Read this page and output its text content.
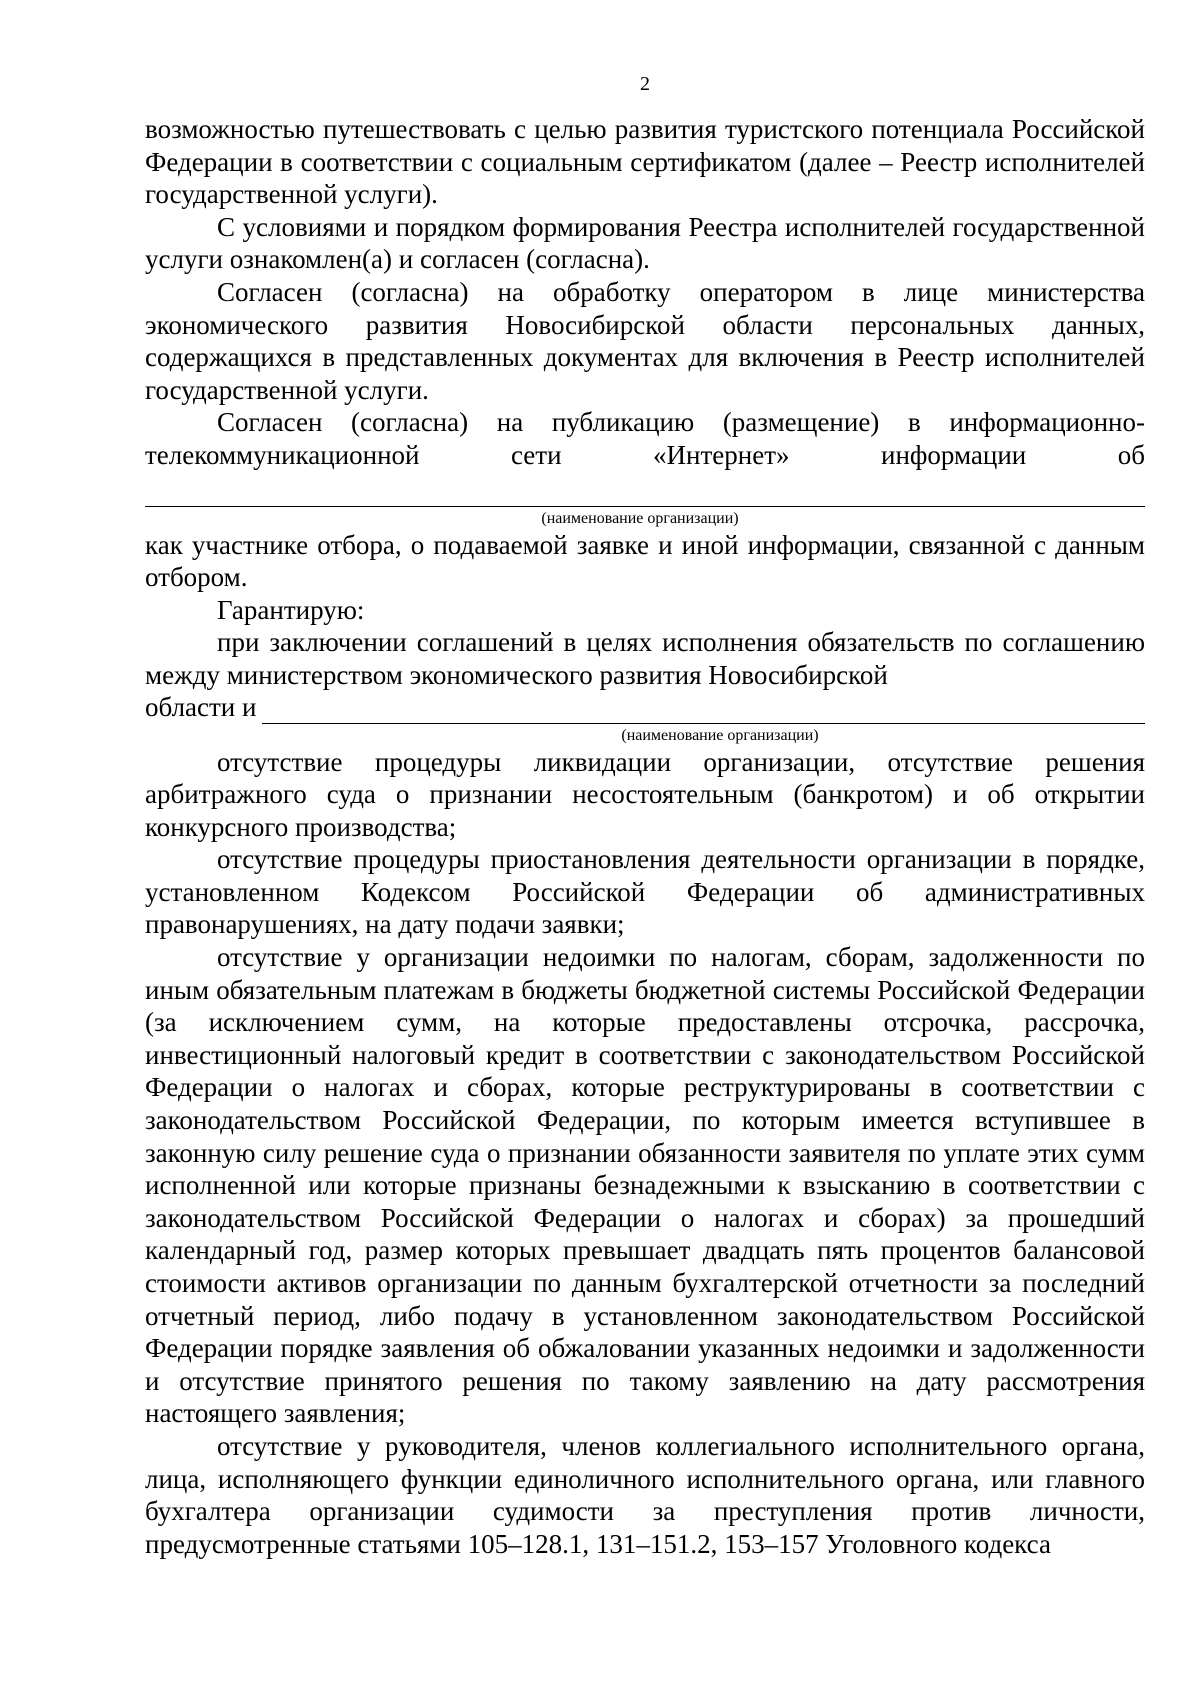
2

возможностью путешествовать с целью развития туристского потенциала Российской Федерации в соответствии с социальным сертификатом (далее – Реестр исполнителей государственной услуги).

С условиями и порядком формирования Реестра исполнителей государственной услуги ознакомлен(а) и согласен (согласна).

Согласен (согласна) на обработку оператором в лице министерства экономического развития Новосибирской области персональных данных, содержащихся в представленных документах для включения в Реестр исполнителей государственной услуги.

Согласен (согласна) на публикацию (размещение) в информационно-

телекоммуникационной сети «Интернет» информации об

(наименование организации)

как участнике отбора, о подаваемой заявке и иной информации, связанной с данным отбором.

Гарантирую:

при заключении соглашений в целях исполнения обязательств по соглашению между министерством экономического развития Новосибирской

области и
(наименование организации)

отсутствие процедуры ликвидации организации, отсутствие решения арбитражного суда о признании несостоятельным (банкротом) и об открытии конкурсного производства;

отсутствие процедуры приостановления деятельности организации в порядке, установленном Кодексом Российской Федерации об административных правонарушениях, на дату подачи заявки;

отсутствие у организации недоимки по налогам, сборам, задолженности по иным обязательным платежам в бюджеты бюджетной системы Российской Федерации (за исключением сумм, на которые предоставлены отсрочка, рассрочка, инвестиционный налоговый кредит в соответствии с законодательством Российской Федерации о налогах и сборах, которые реструктурированы в соответствии с законодательством Российской Федерации, по которым имеется вступившее в законную силу решение суда о признании обязанности заявителя по уплате этих сумм исполненной или которые признаны безнадежными к взысканию в соответствии с законодательством Российской Федерации о налогах и сборах) за прошедший календарный год, размер которых превышает двадцать пять процентов балансовой стоимости активов организации по данным бухгалтерской отчетности за последний отчетный период, либо подачу в установленном законодательством Российской Федерации порядке заявления об обжаловании указанных недоимки и задолженности и отсутствие принятого решения по такому заявлению на дату рассмотрения настоящего заявления;

отсутствие у руководителя, членов коллегиального исполнительного органа, лица, исполняющего функции единоличного исполнительного органа, или главного бухгалтера организации судимости за преступления против личности, предусмотренные статьями 105–128.1, 131–151.2, 153–157 Уголовного кодекса
